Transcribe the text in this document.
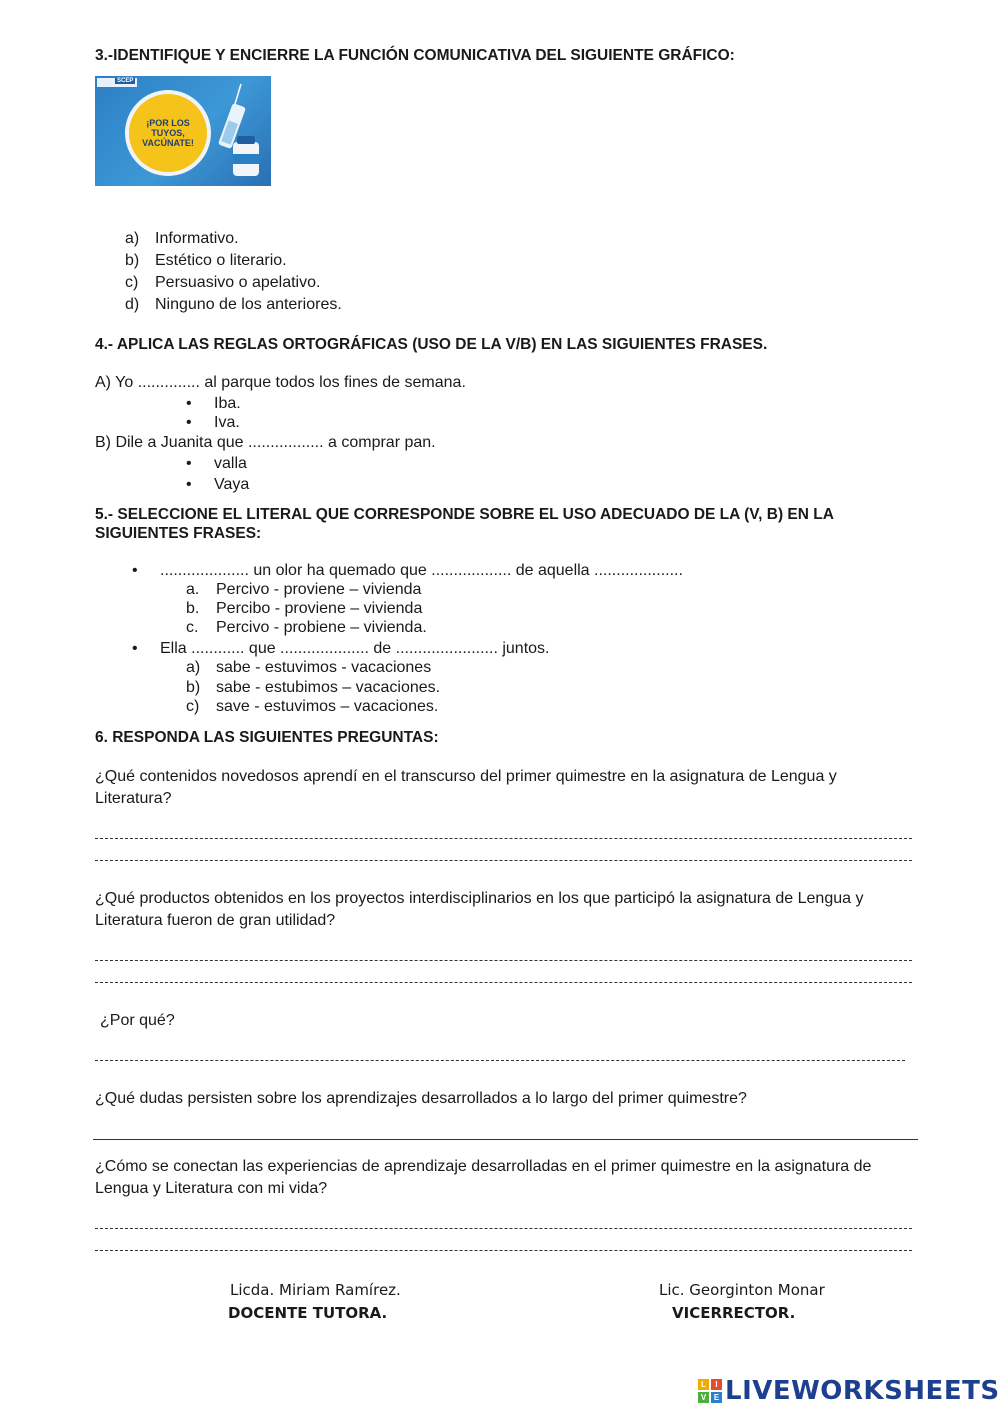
3.-IDENTIFIQUE Y ENCIERRE LA FUNCIÓN COMUNICATIVA DEL SIGUIENTE GRÁFICO:
SCEP
¡POR LOS
TUYOS,
VACÚNATE!
a) Informativo.
b) Estético o literario.
c) Persuasivo o apelativo.
d) Ninguno de los anteriores.
4.- APLICA LAS REGLAS ORTOGRÁFICAS (USO DE LA V/B) EN LAS SIGUIENTES FRASES.
A) Yo .............. al parque todos los fines de semana.
• Iba.
• Iva.
B) Dile a Juanita que ................. a comprar pan.
• valla
• Vaya
5.- SELECCIONE EL LITERAL QUE CORRESPONDE SOBRE EL USO ADECUADO DE LA (V, B) EN LA
SIGUIENTES FRASES:
• .................... un olor ha quemado que .................. de aquella ....................
a. Percivo - proviene – vivienda
b. Percibo - proviene – vivienda
c. Percivo - probiene – vivienda.
• Ella ............ que .................... de ....................... juntos.
a) sabe - estuvimos - vacaciones
b) sabe - estubimos – vacaciones.
c) save - estuvimos – vacaciones.
6. RESPONDA LAS SIGUIENTES PREGUNTAS:
¿Qué contenidos novedosos aprendí en el transcurso del primer quimestre en la asignatura de Lengua y
Literatura?
¿Qué productos obtenidos en los proyectos interdisciplinarios en los que participó la asignatura de Lengua y
Literatura fueron de gran utilidad?
¿Por qué?
¿Qué dudas persisten sobre los aprendizajes desarrollados a lo largo del primer quimestre?
¿Cómo se conectan las experiencias de aprendizaje desarrolladas en el primer quimestre en la asignatura de
Lengua y Literatura con mi vida?
Licda. Miriam Ramírez.
DOCENTE TUTORA.
Lic. Georginton Monar
VICERRECTOR.
L	I
V E LIVEWORKSHEETS
